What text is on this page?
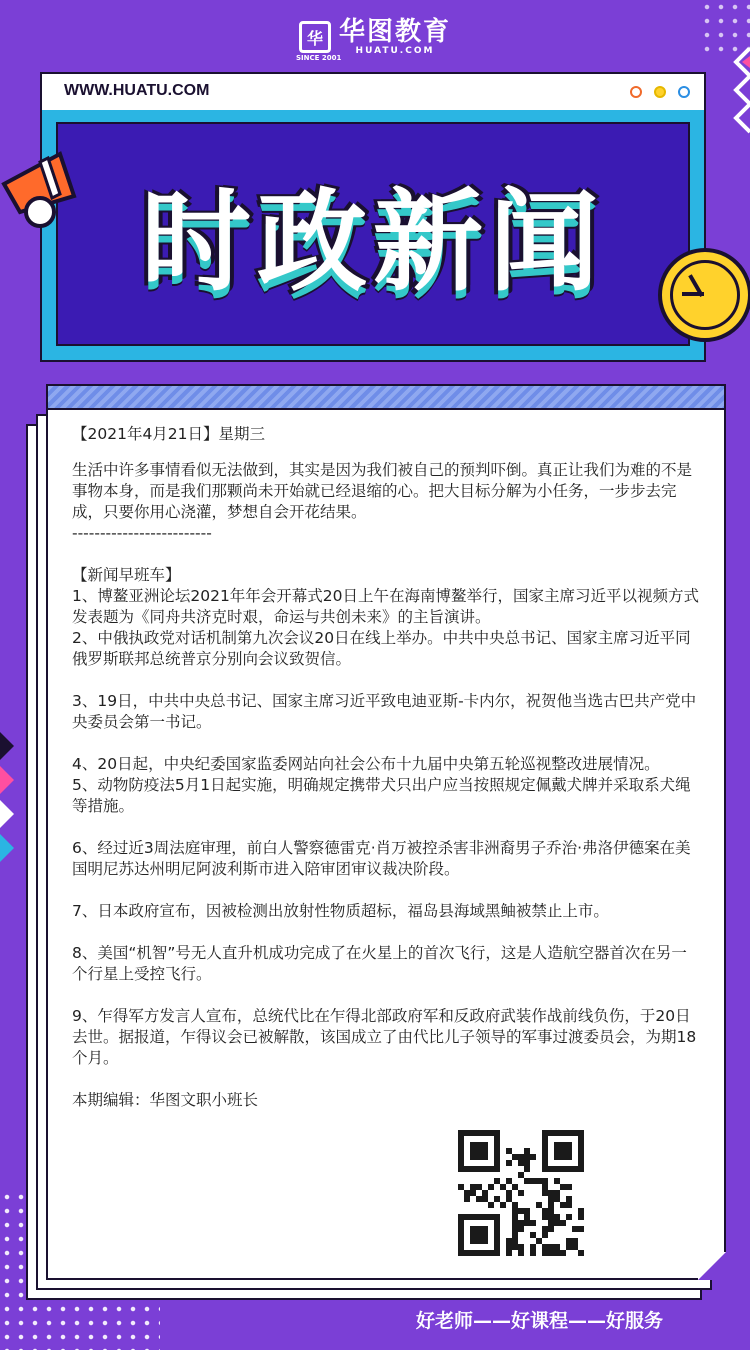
华
SINCE 2001
华图教育
HUATU.COM
WWW.HUATU.COM
时政新闻

【2021年4月21日】星期三

生活中许多事情看似无法做到，其实是因为我们被自己的预判吓倒。真正让我们为难的不是事物本身，而是我们那颗尚未开始就已经退缩的心。把大目标分解为小任务，一步步去完成，只要你用心浇灌，梦想自会开花结果。

-------------------------

【新闻早班车】

1、博鳌亚洲论坛2021年年会开幕式20日上午在海南博鳌举行，国家主席习近平以视频方式发表题为《同舟共济克时艰，命运与共创未来》的主旨演讲。

2、中俄执政党对话机制第九次会议20日在线上举办。中共中央总书记、国家主席习近平同俄罗斯联邦总统普京分别向会议致贺信。

3、19日，中共中央总书记、国家主席习近平致电迪亚斯-卡内尔，祝贺他当选古巴共产党中央委员会第一书记。

4、20日起，中央纪委国家监委网站向社会公布十九届中央第五轮巡视整改进展情况。

5、动物防疫法5月1日起实施，明确规定携带犬只出户应当按照规定佩戴犬牌并采取系犬绳等措施。

6、经过近3周法庭审理，前白人警察德雷克·肖万被控杀害非洲裔男子乔治·弗洛伊德案在美国明尼苏达州明尼阿波利斯市进入陪审团审议裁决阶段。

7、日本政府宣布，因被检测出放射性物质超标，福岛县海域黑鲉被禁止上市。

8、美国“机智”号无人直升机成功完成了在火星上的首次飞行，这是人造航空器首次在另一个行星上受控飞行。

9、乍得军方发言人宣布，总统代比在乍得北部政府军和反政府武装作战前线负伤，于20日去世。据报道，乍得议会已被解散，该国成立了由代比儿子领导的军事过渡委员会，为期18个月。

本期编辑：华图文职小班长

好老师——好课程——好服务
